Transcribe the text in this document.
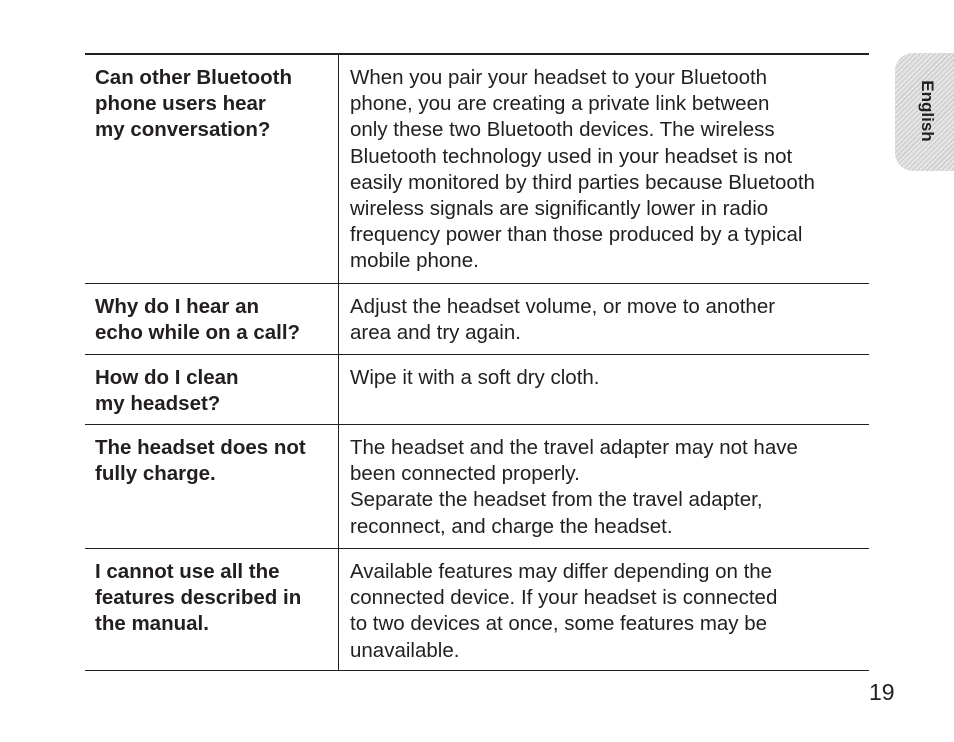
Can other Bluetooth
phone users hear
my conversation?
When you pair your headset to your Bluetooth
phone, you are creating a private link between
only these two Bluetooth devices. The wireless
Bluetooth technology used in your headset is not
easily monitored by third parties because Bluetooth
wireless signals are significantly lower in radio
frequency power than those produced by a typical
mobile phone.
Why do I hear an
echo while on a call?
Adjust the headset volume, or move to another
area and try again.
How do I clean
my headset?
Wipe it with a soft dry cloth.
The headset does not
fully charge.
The headset and the travel adapter may not have
been connected properly.
Separate the headset from the travel adapter,
reconnect, and charge the headset.
I cannot use all the
features described in
the manual.
Available features may differ depending on the
connected device. If your headset is connected
to two devices at once, some features may be
unavailable.
English
19
